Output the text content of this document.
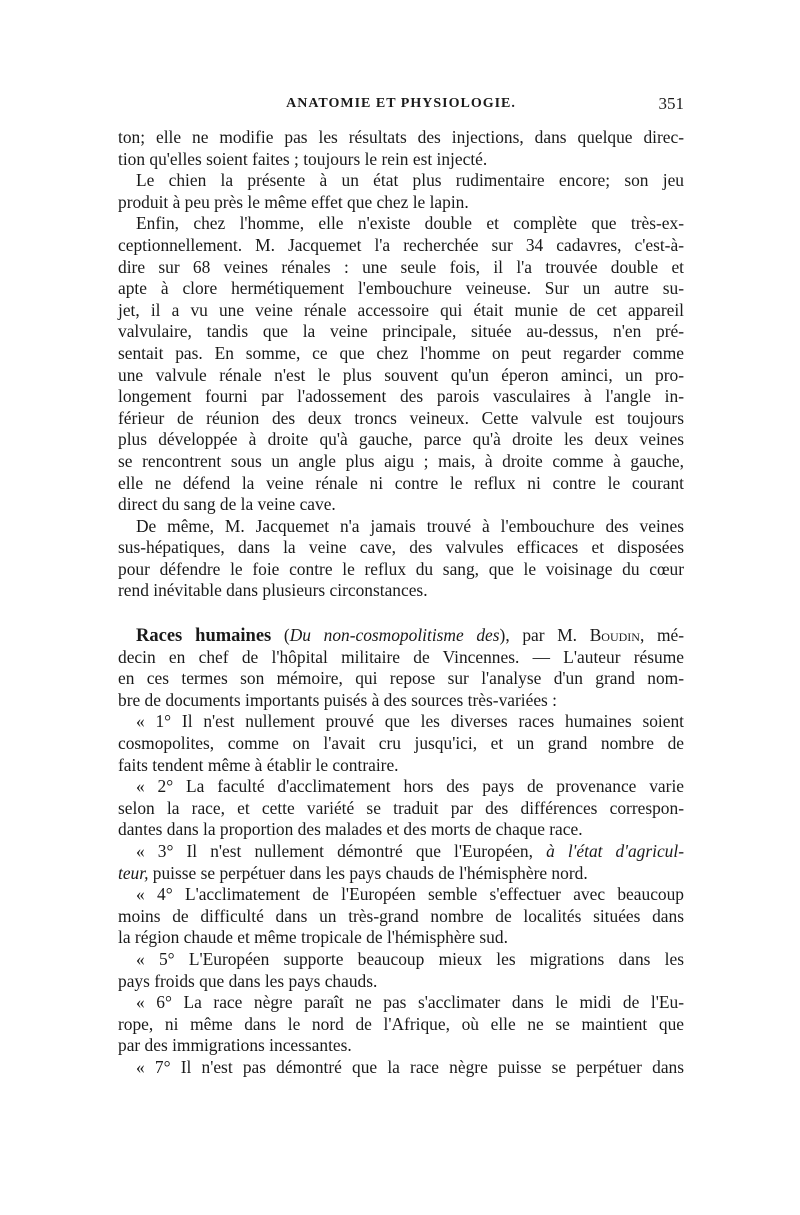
ANATOMIE ET PHYSIOLOGIE.	351
ton; elle ne modifie pas les résultats des injections, dans quelque direc-
tion qu'elles soient faites ; toujours le rein est injecté.
Le chien la présente à un état plus rudimentaire encore; son jeu
produit à peu près le même effet que chez le lapin.
Enfin, chez l'homme, elle n'existe double et complète que très-ex-
ceptionnellement. M. Jacquemet l'a recherchée sur 34 cadavres, c'est-à-
dire sur 68 veines rénales : une seule fois, il l'a trouvée double et
apte à clore hermétiquement l'embouchure veineuse. Sur un autre su-
jet, il a vu une veine rénale accessoire qui était munie de cet appareil
valvulaire, tandis que la veine principale, située au-dessus, n'en pré-
sentait pas. En somme, ce que chez l'homme on peut regarder comme
une valvule rénale n'est le plus souvent qu'un éperon aminci, un pro-
longement fourni par l'adossement des parois vasculaires à l'angle in-
férieur de réunion des deux troncs veineux. Cette valvule est toujours
plus développée à droite qu'à gauche, parce qu'à droite les deux veines
se rencontrent sous un angle plus aigu ; mais, à droite comme à gauche,
elle ne défend la veine rénale ni contre le reflux ni contre le courant
direct du sang de la veine cave.
De même, M. Jacquemet n'a jamais trouvé à l'embouchure des veines
sus-hépatiques, dans la veine cave, des valvules efficaces et disposées
pour défendre le foie contre le reflux du sang, que le voisinage du cœur
rend inévitable dans plusieurs circonstances.
Races humaines (Du non-cosmopolitisme des), par M. Boudin, mé-
decin en chef de l'hôpital militaire de Vincennes. — L'auteur résume
en ces termes son mémoire, qui repose sur l'analyse d'un grand nom-
bre de documents importants puisés à des sources très-variées :
« 1° Il n'est nullement prouvé que les diverses races humaines soient
cosmopolites, comme on l'avait cru jusqu'ici, et un grand nombre de
faits tendent même à établir le contraire.
« 2° La faculté d'acclimatement hors des pays de provenance varie
selon la race, et cette variété se traduit par des différences correspon-
dantes dans la proportion des malades et des morts de chaque race.
« 3° Il n'est nullement démontré que l'Européen, à l'état d'agricul-
teur, puisse se perpétuer dans les pays chauds de l'hémisphère nord.
« 4° L'acclimatement de l'Européen semble s'effectuer avec beaucoup
moins de difficulté dans un très-grand nombre de localités situées dans
la région chaude et même tropicale de l'hémisphère sud.
« 5° L'Européen supporte beaucoup mieux les migrations dans les
pays froids que dans les pays chauds.
« 6° La race nègre paraît ne pas s'acclimater dans le midi de l'Eu-
rope, ni même dans le nord de l'Afrique, où elle ne se maintient que
par des immigrations incessantes.
« 7° Il n'est pas démontré que la race nègre puisse se perpétuer dans
